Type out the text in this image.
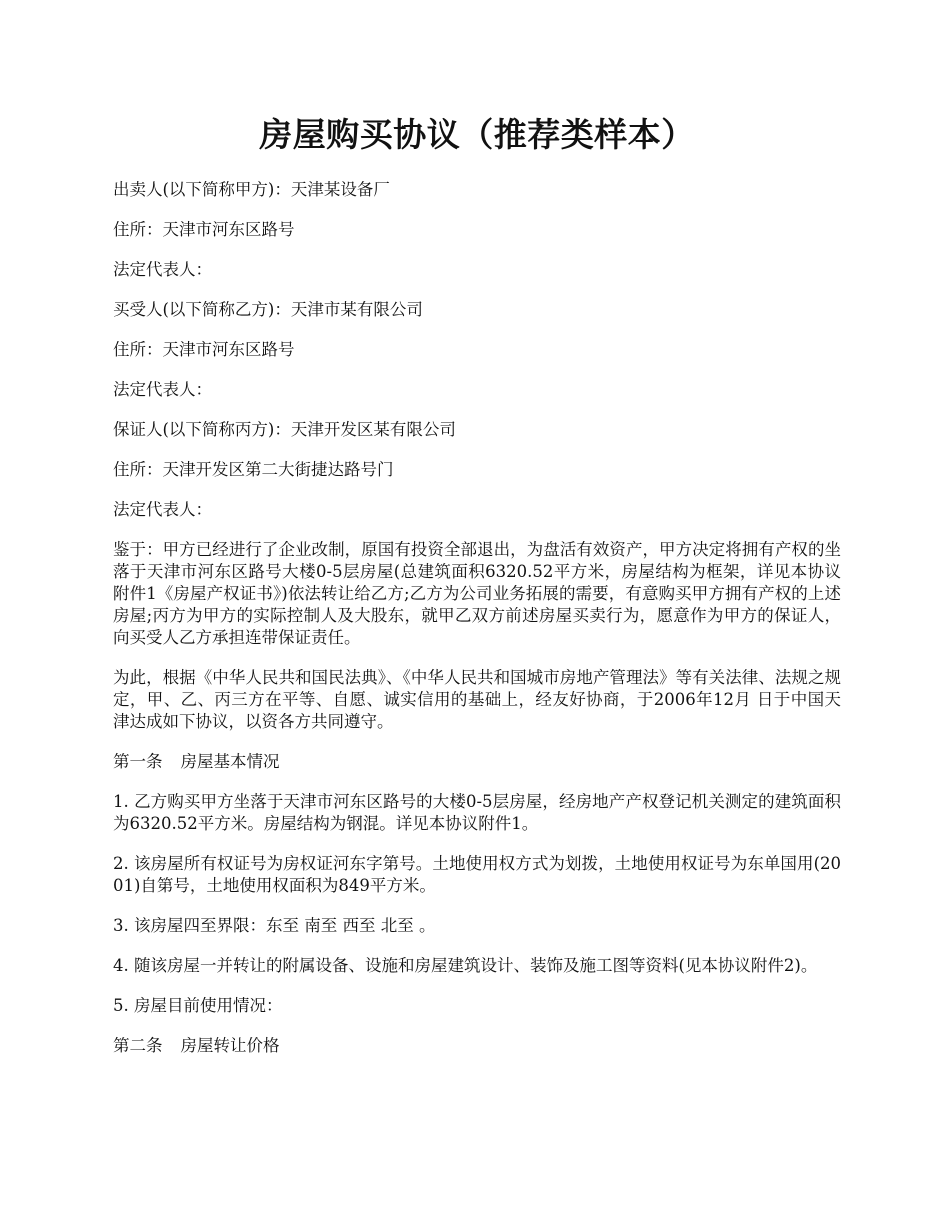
房屋购买协议（推荐类样本）

出卖人(以下简称甲方)：天津某设备厂

住所：天津市河东区路号

法定代表人：

买受人(以下简称乙方)：天津市某有限公司

住所：天津市河东区路号

法定代表人：

保证人(以下简称丙方)：天津开发区某有限公司

住所：天津开发区第二大街捷达路号门

法定代表人：

鉴于：甲方已经进行了企业改制，原国有投资全部退出，为盘活有效资产，甲方决定将拥有产权的坐落于天津市河东区路号大楼0-5层房屋(总建筑面积6320.52平方米，房屋结构为框架，详见本协议附件1《房屋产权证书》)依法转让给乙方;乙方为公司业务拓展的需要，有意购买甲方拥有产权的上述房屋;丙方为甲方的实际控制人及大股东，就甲乙双方前述房屋买卖行为，愿意作为甲方的保证人，向买受人乙方承担连带保证责任。

为此，根据《中华人民共和国民法典》、《中华人民共和国城市房地产管理法》等有关法律、法规之规定，甲、乙、丙三方在平等、自愿、诚实信用的基础上，经友好协商，于2006年12月 日于中国天津达成如下协议，以资各方共同遵守。

第一条 房屋基本情况

1. 乙方购买甲方坐落于天津市河东区路号的大楼0-5层房屋，经房地产产权登记机关测定的建筑面积为6320.52平方米。房屋结构为钢混。详见本协议附件1。

2. 该房屋所有权证号为房权证河东字第号。土地使用权方式为划拨，土地使用权证号为东单国用(2001)自第号，土地使用权面积为849平方米。

3. 该房屋四至界限：东至 南至 西至 北至 。

4. 随该房屋一并转让的附属设备、设施和房屋建筑设计、装饰及施工图等资料(见本协议附件2)。

5. 房屋目前使用情况：

第二条 房屋转让价格
